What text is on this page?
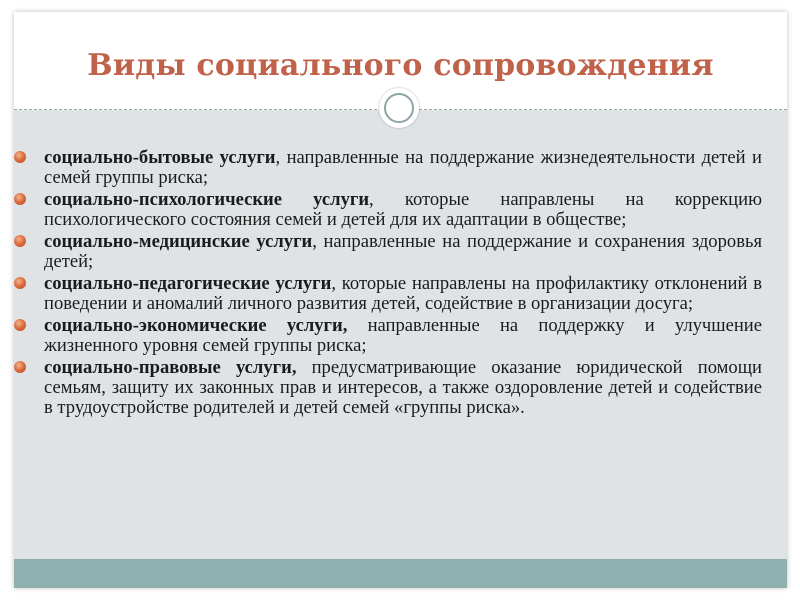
Виды социального сопровождения
социально-бытовые услуги, направленные на поддержание жизнедеятельности детей и семей группы риска;
социально-психологические услуги, которые направлены на коррекцию психологического состояния семей и детей для их адаптации в обществе;
социально-медицинские услуги, направленные на поддержание и сохранения здоровья детей;
социально-педагогические услуги, которые направлены на профилактику отклонений в поведении и аномалий личного развития детей, содействие в организации досуга;
социально-экономические услуги, направленные на поддержку и улучшение жизненного уровня семей группы риска;
социально-правовые услуги, предусматривающие оказание юридической помощи семьям, защиту их законных прав и интересов, а также оздоровление детей и содействие в трудоустройстве родителей и детей семей «группы риска».
